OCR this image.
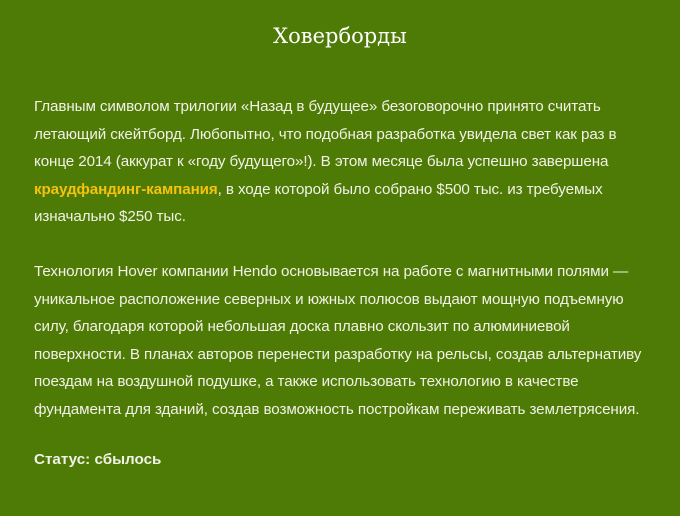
Ховерборды

Главным символом трилогии «Назад в будущее» безоговорочно принято считать летающий скейтборд. Любопытно, что подобная разработка увидела свет как раз в конце 2014 (аккурат к «году будущего»!). В этом месяце была успешно завершена краудфандинг-кампания, в ходе которой было собрано $500 тыс. из требуемых изначально $250 тыс.

Технология Hover компании Hendo основывается на работе с магнитными полями — уникальное расположение северных и южных полюсов выдают мощную подъемную силу, благодаря которой небольшая доска плавно скользит по алюминиевой поверхности. В планах авторов перенести разработку на рельсы, создав альтернативу поездам на воздушной подушке, а также использовать технологию в качестве фундамента для зданий, создав возможность постройкам переживать землетрясения.

Статус: сбылось
